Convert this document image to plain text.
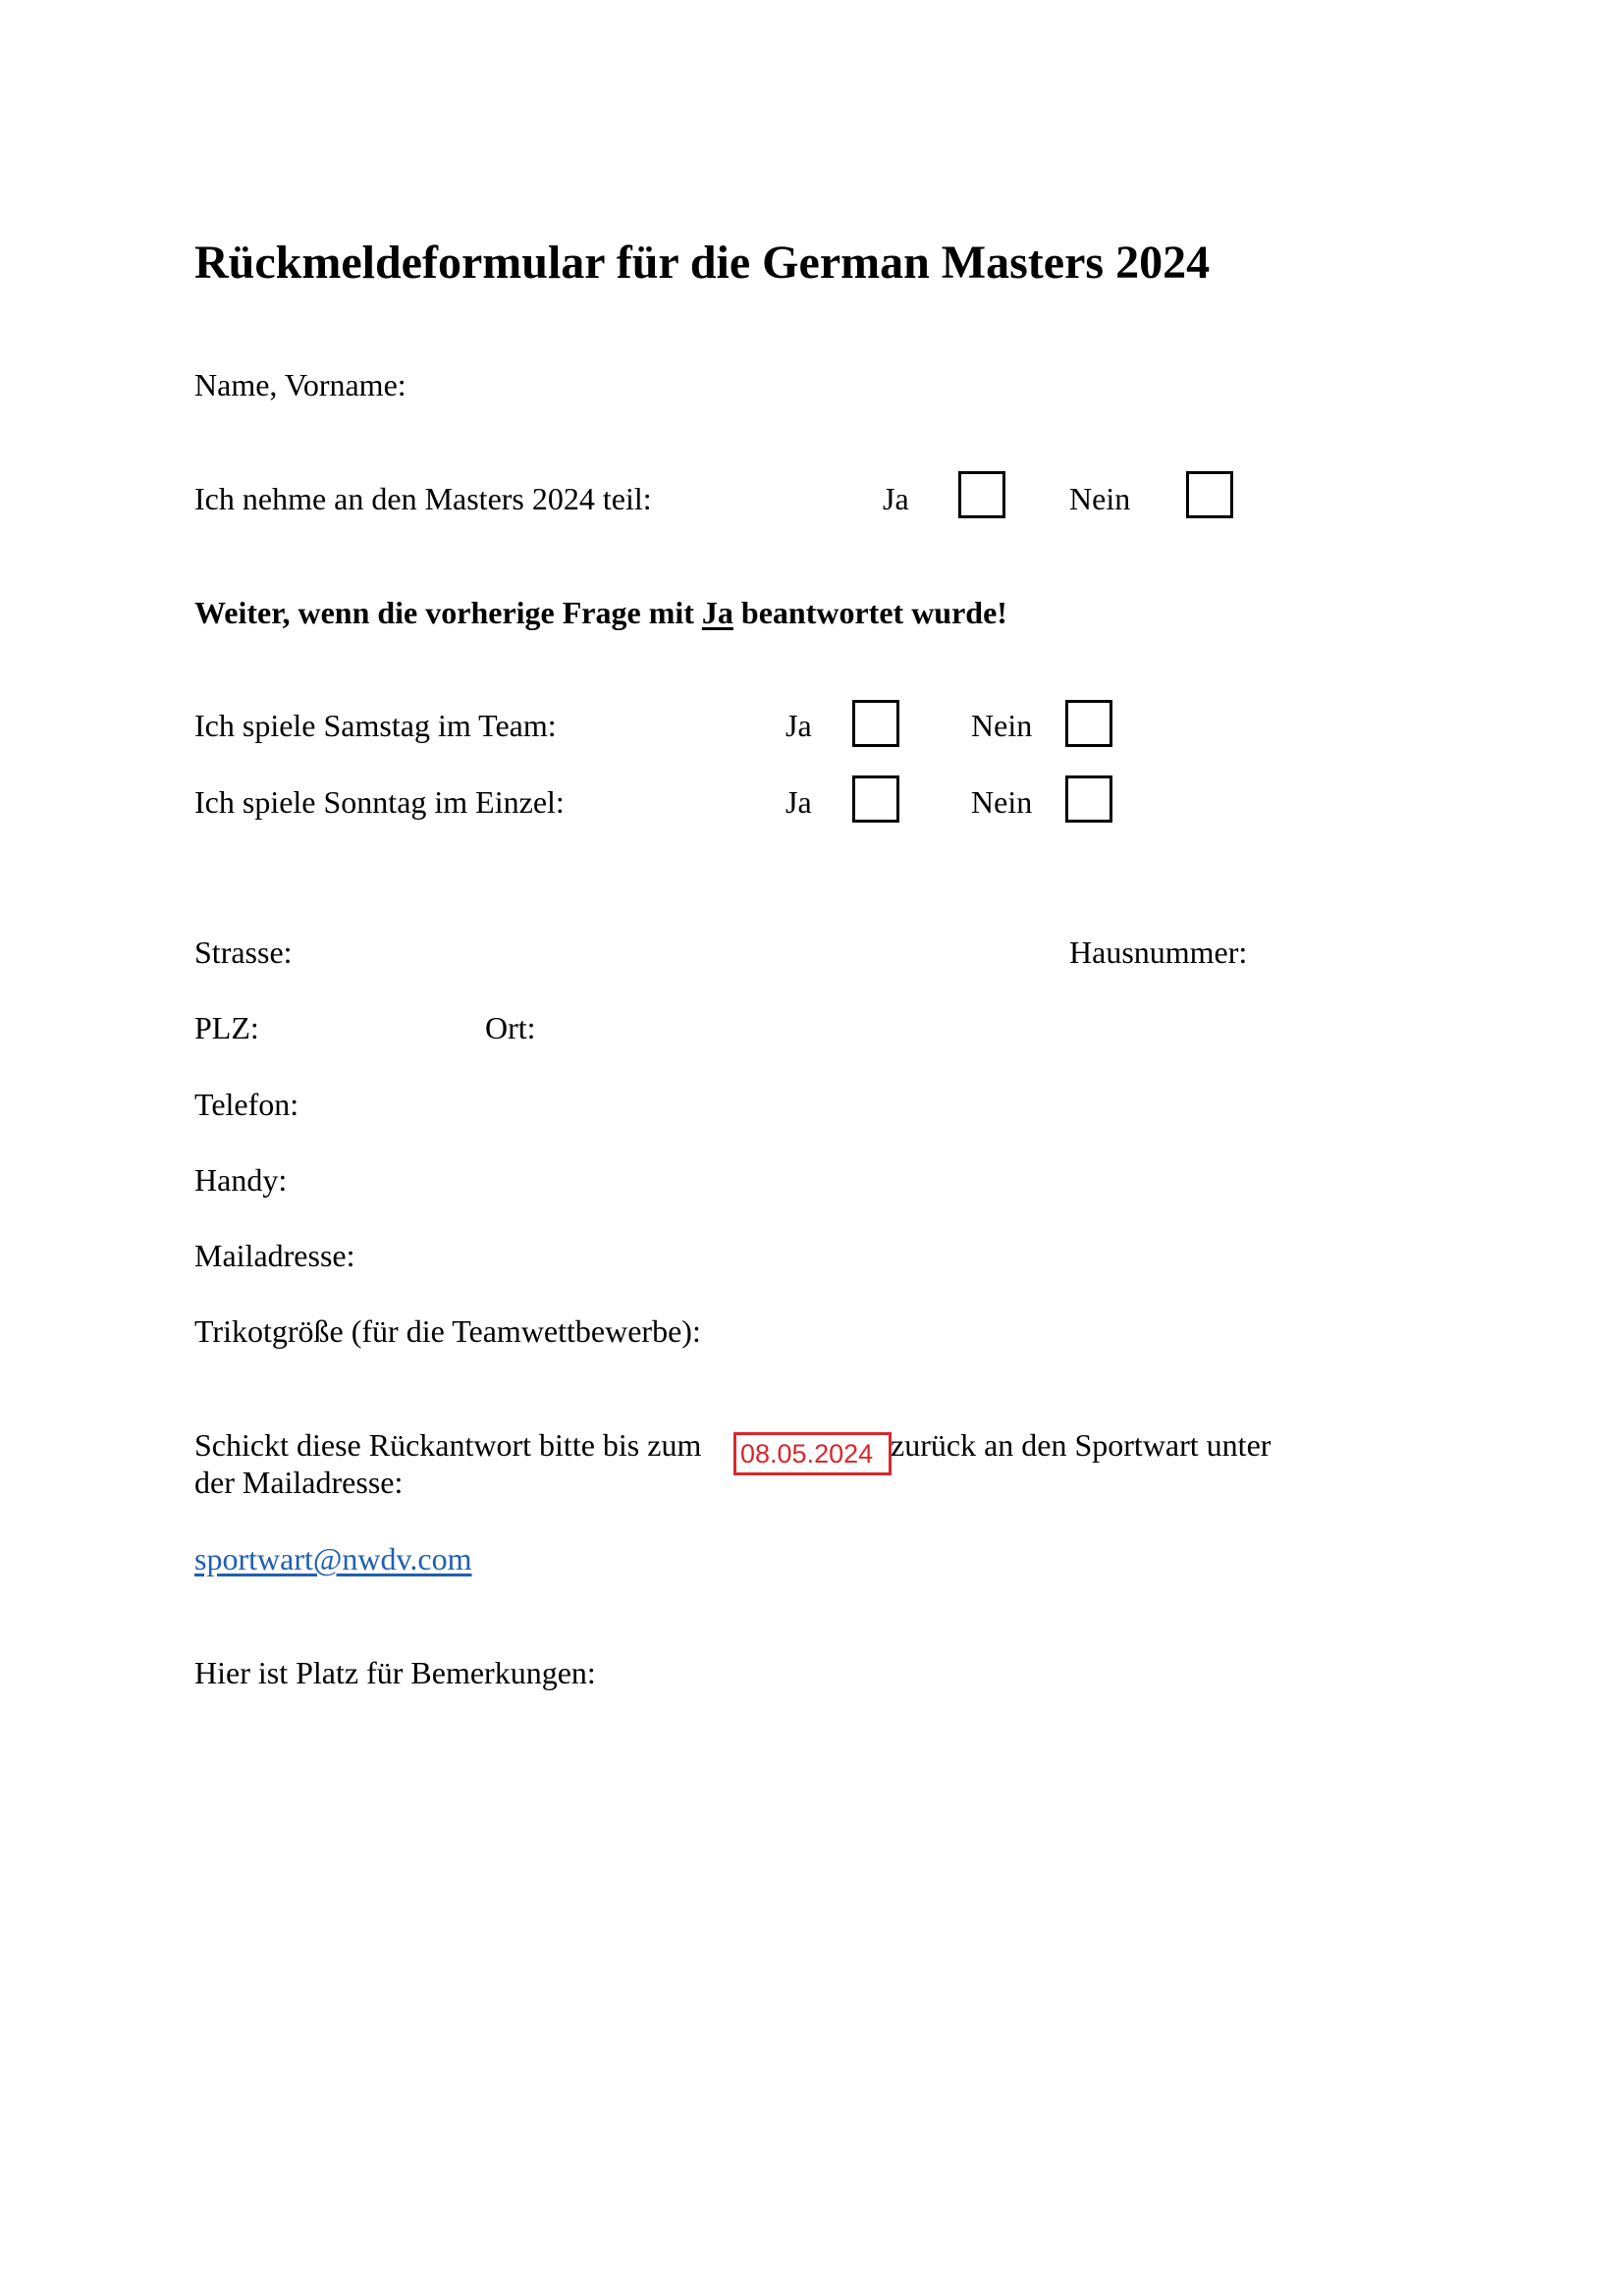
Rückmeldeformular für die German Masters 2024
Name, Vorname:
Ich nehme an den Masters 2024 teil:	Ja	Nein
Weiter, wenn die vorherige Frage mit Ja beantwortet wurde!
Ich spiele Samstag im Team:	Ja	Nein
Ich spiele Sonntag im Einzel:	Ja	Nein
Strasse:	Hausnummer:
PLZ:	Ort:
Telefon:
Handy:
Mailadresse:
Trikotgröße (für die Teamwettbewerbe):
Schickt diese Rückantwort bitte bis zum 08.05.2024 zurück an den Sportwart unter
der Mailadresse:
sportwart@nwdv.com
Hier ist Platz für Bemerkungen:
